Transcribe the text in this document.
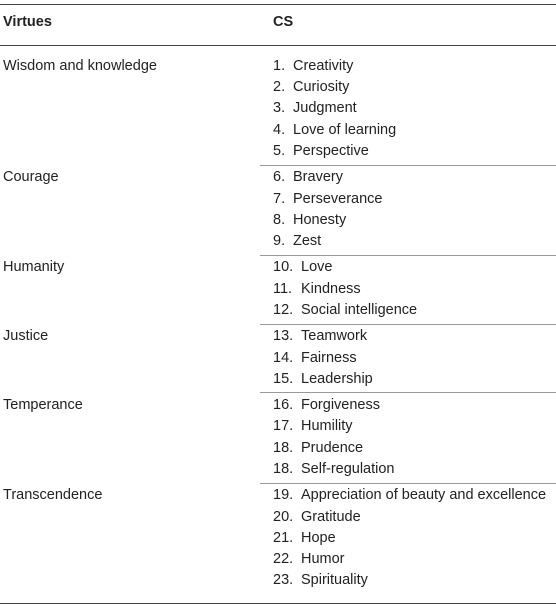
Virtues	CS
Wisdom and knowledge	1. Creativity
2. Curiosity
3. Judgment
4. Love of learning
5. Perspective
Courage	6. Bravery
7. Perseverance
8. Honesty
9. Zest
Humanity	10. Love
11. Kindness
12. Social intelligence
Justice	13. Teamwork
14. Fairness
15. Leadership
Temperance	16. Forgiveness
17. Humility
18. Prudence
18. Self-regulation
Transcendence	19. Appreciation of beauty and excellence
20. Gratitude
21. Hope
22. Humor
23. Spirituality
